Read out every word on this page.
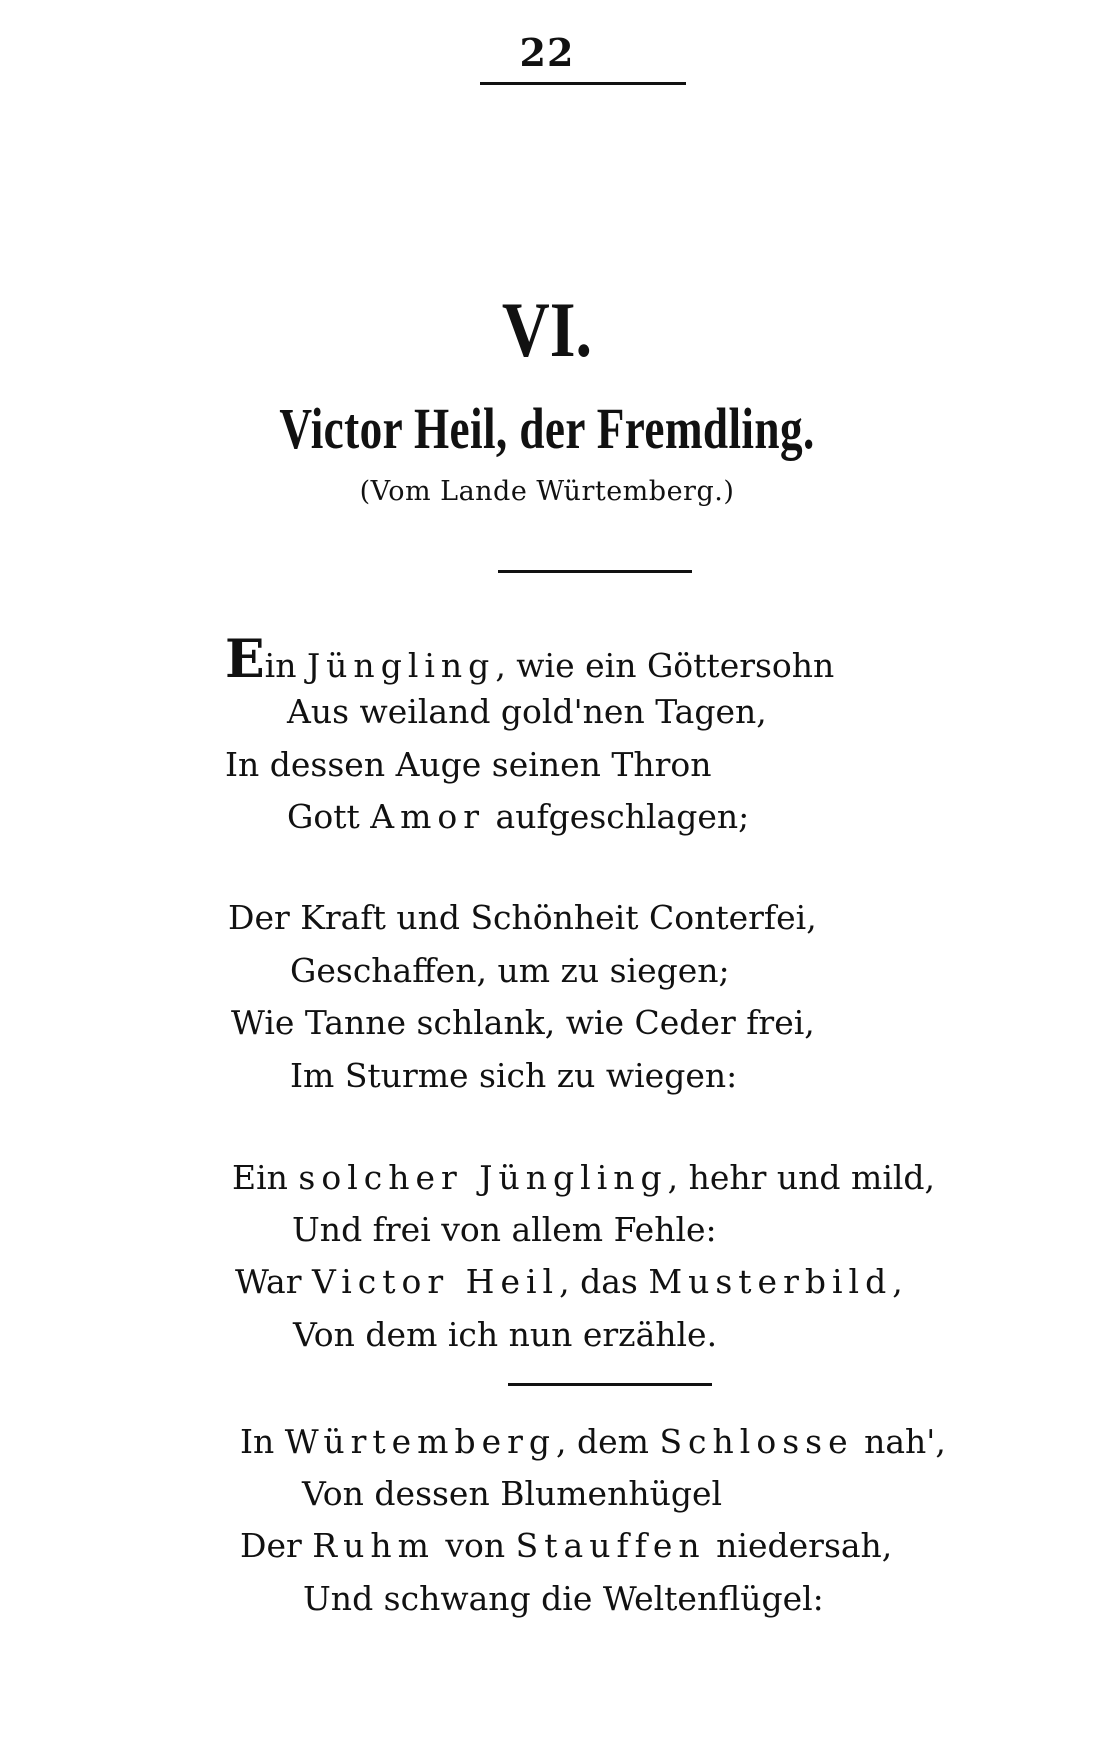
22
VI.
Victor Heil, der Fremdling.
(Vom Lande Würtemberg.)
Ein Jüngling, wie ein Göttersohn
Aus weiland gold'nen Tagen,
In dessen Auge seinen Thron
Gott Amor aufgeschlagen;
Der Kraft und Schönheit Conterfei,
Geschaffen, um zu siegen;
Wie Tanne schlank, wie Ceder frei,
Im Sturme sich zu wiegen:
Ein solcher Jüngling, hehr und mild,
Und frei von allem Fehle:
War Victor Heil, das Musterbild,
Von dem ich nun erzähle.
In Würtemberg, dem Schlosse nah',
Von dessen Blumenhügel
Der Ruhm von Stauffen niedersah,
Und schwang die Weltenflügel:
